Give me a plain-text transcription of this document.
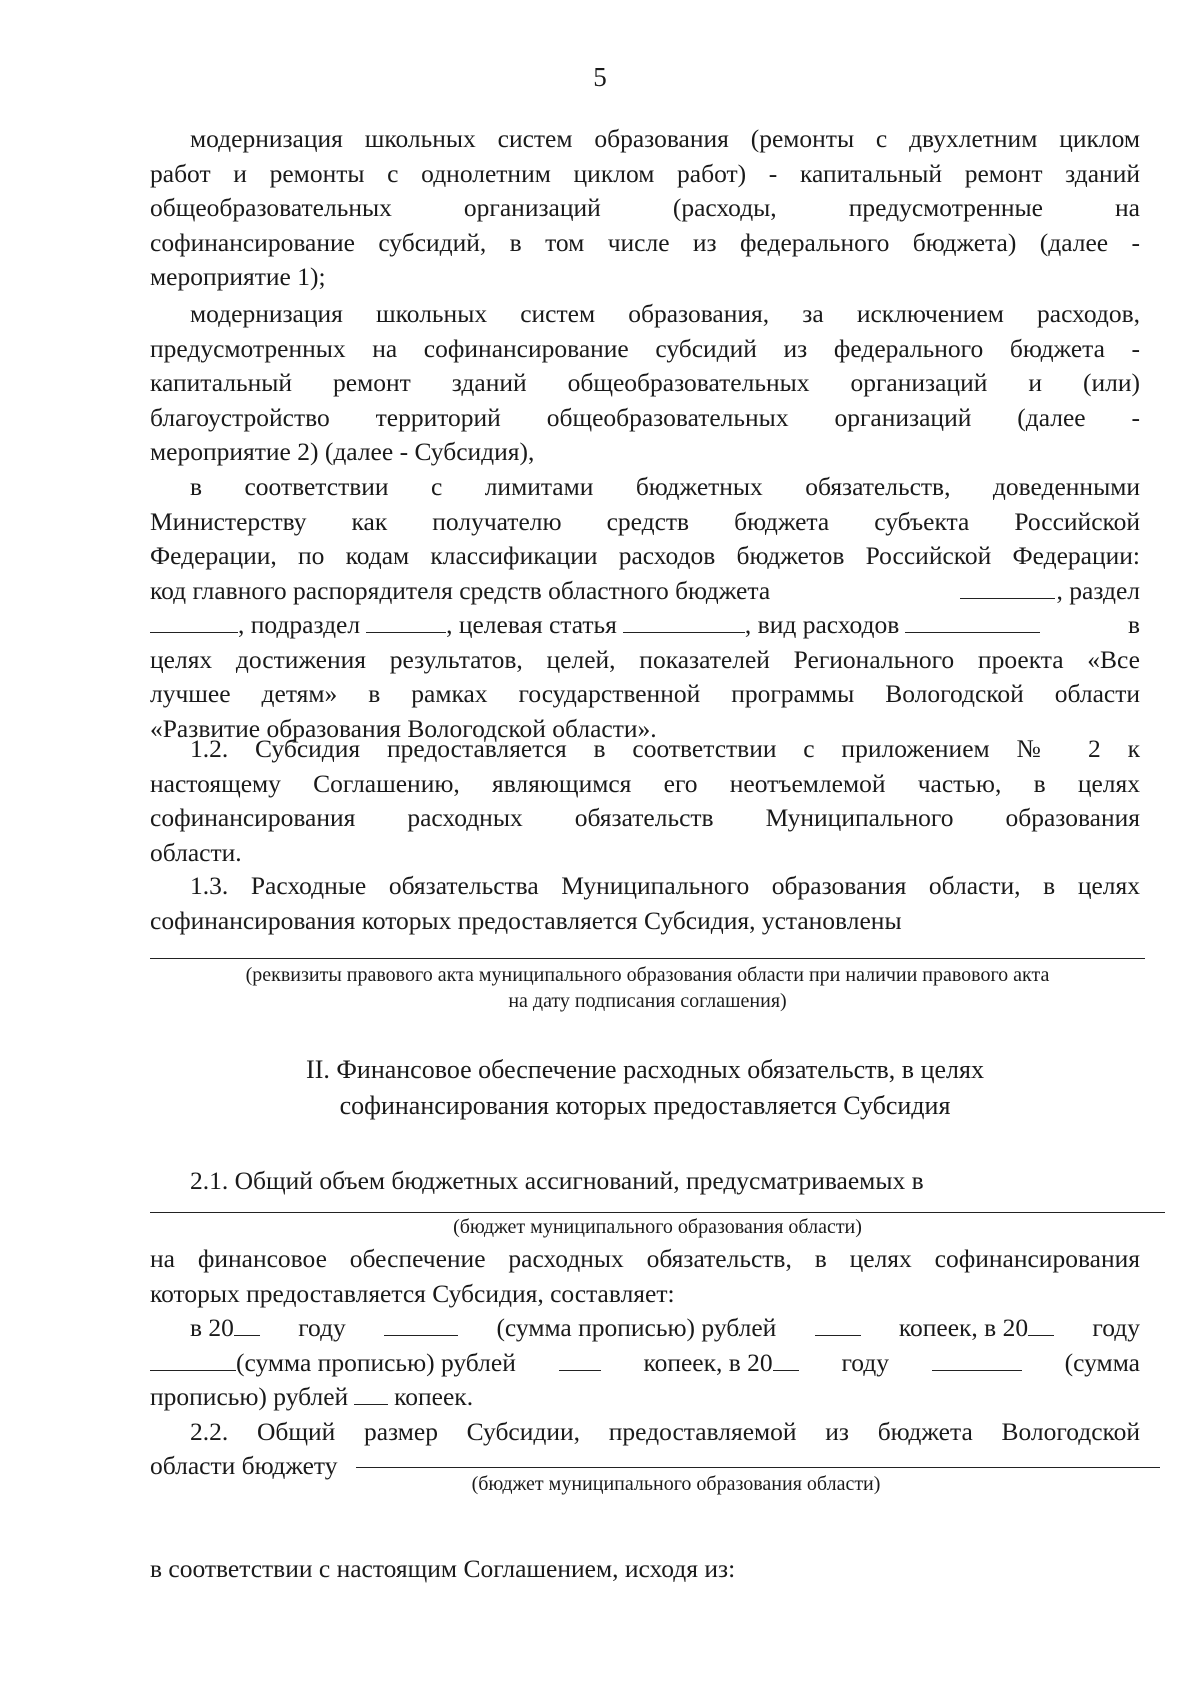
5
модернизация школьных систем образования (ремонты с двухлетним циклом
работ и ремонты с однолетним циклом работ) - капитальный ремонт зданий
общеобразовательных организаций (расходы, предусмотренные на
софинансирование субсидий, в том числе из федерального бюджета) (далее -
мероприятие 1);
модернизация школьных систем образования, за исключением расходов,
предусмотренных на софинансирование субсидий из федерального бюджета -
капитальный ремонт зданий общеобразовательных организаций и (или)
благоустройство территорий общеобразовательных организаций (далее -
мероприятие 2) (далее - Субсидия),
в соответствии с лимитами бюджетных обязательств, доведенными
Министерству как получателю средств бюджета субъекта Российской
Федерации, по кодам классификации расходов бюджетов Российской Федерации:
код главного распорядителя средств областного бюджета	, раздел
, подраздел	, целевая статья	, вид расходов	в
целях достижения результатов, целей, показателей Регионального проекта «Все
лучшее детям» в рамках государственной программы Вологодской области
«Развитие образования Вологодской области».
1.2. Субсидия предоставляется в соответствии с приложением № 2 к
настоящему Соглашению, являющимся его неотъемлемой частью, в целях
софинансирования расходных обязательств Муниципального образования
области.
1.3. Расходные обязательства Муниципального образования области, в целях
софинансирования которых предоставляется Субсидия, установлены
(реквизиты правового акта муниципального образования области при наличии правового акта
на дату подписания соглашения)
II. Финансовое обеспечение расходных обязательств, в целях
софинансирования которых предоставляется Субсидия
2.1. Общий объем бюджетных ассигнований, предусматриваемых в
(бюджет муниципального образования области)
на финансовое обеспечение расходных обязательств, в целях софинансирования
которых предоставляется Субсидия, составляет:
в 20	году	(сумма прописью) рублей	копеек, в 20	году
(сумма прописью) рублей	копеек, в 20	году	(сумма
прописью) рублей копеек.
2.2. Общий размер Субсидии, предоставляемой из бюджета Вологодской
области бюджету
(бюджет муниципального образования области)
в соответствии с настоящим Соглашением, исходя из:
